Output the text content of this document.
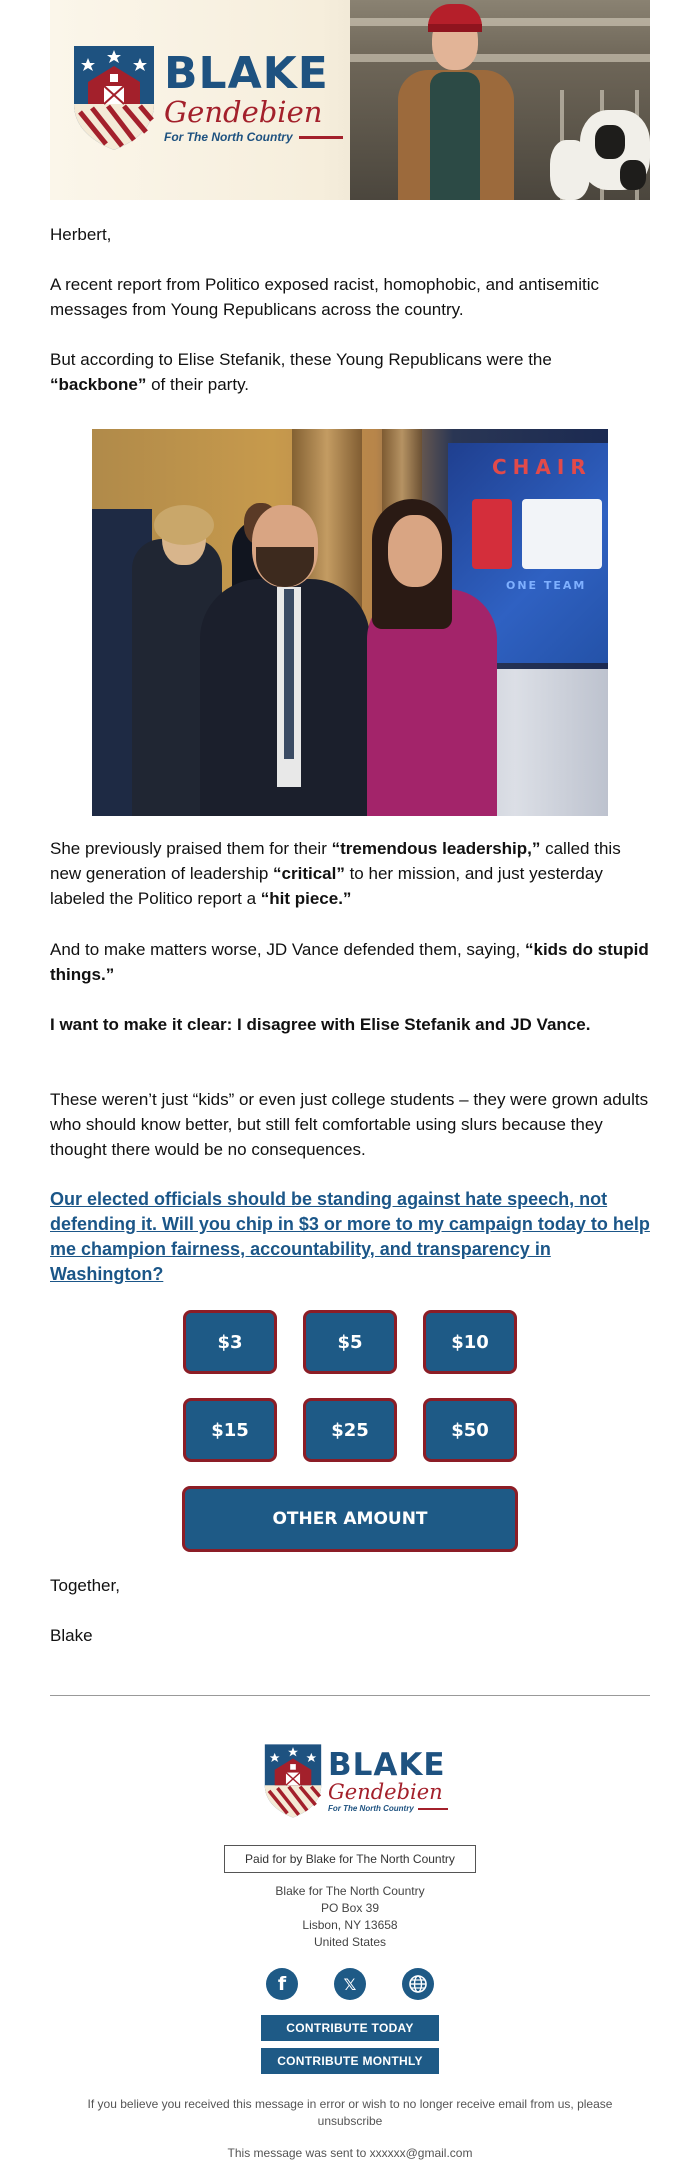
BLAKE
Gendebien
For The North Country
Herbert,

A recent report from Politico exposed racist, homophobic, and antisemitic messages from Young Republicans across the country.

But according to Elise Stefanik, these Young Republicans were the “backbone” of their party.

CHAIR
ONE TEAM

She previously praised them for their “tremendous leadership,” called this new generation of leadership “critical” to her mission, and just yesterday labeled the Politico report a “hit piece.”

And to make matters worse, JD Vance defended them, saying, “kids do stupid things.”

I want to make it clear: I disagree with Elise Stefanik and JD Vance.

These weren’t just “kids” or even just college students – they were grown adults who should know better, but still felt comfortable using slurs because they thought there would be no consequences.

Our elected officials should be standing against hate speech, not defending it. Will you chip in $3 or more to my campaign today to help me champion fairness, accountability, and transparency in Washington?
$3	$5	$10
$15	$25	$50
OTHER AMOUNT
Together,
Blake
BLAKE
Gendebien
For The North Country
Paid for by Blake for The North Country
Blake for The North Country
PO Box 39
Lisbon, NY 13658
United States
f	𝕏
CONTRIBUTE TODAY
CONTRIBUTE MONTHLY
If you believe you received this message in error or wish to no longer receive email from us, please unsubscribe
This message was sent to xxxxxx@gmail.com
